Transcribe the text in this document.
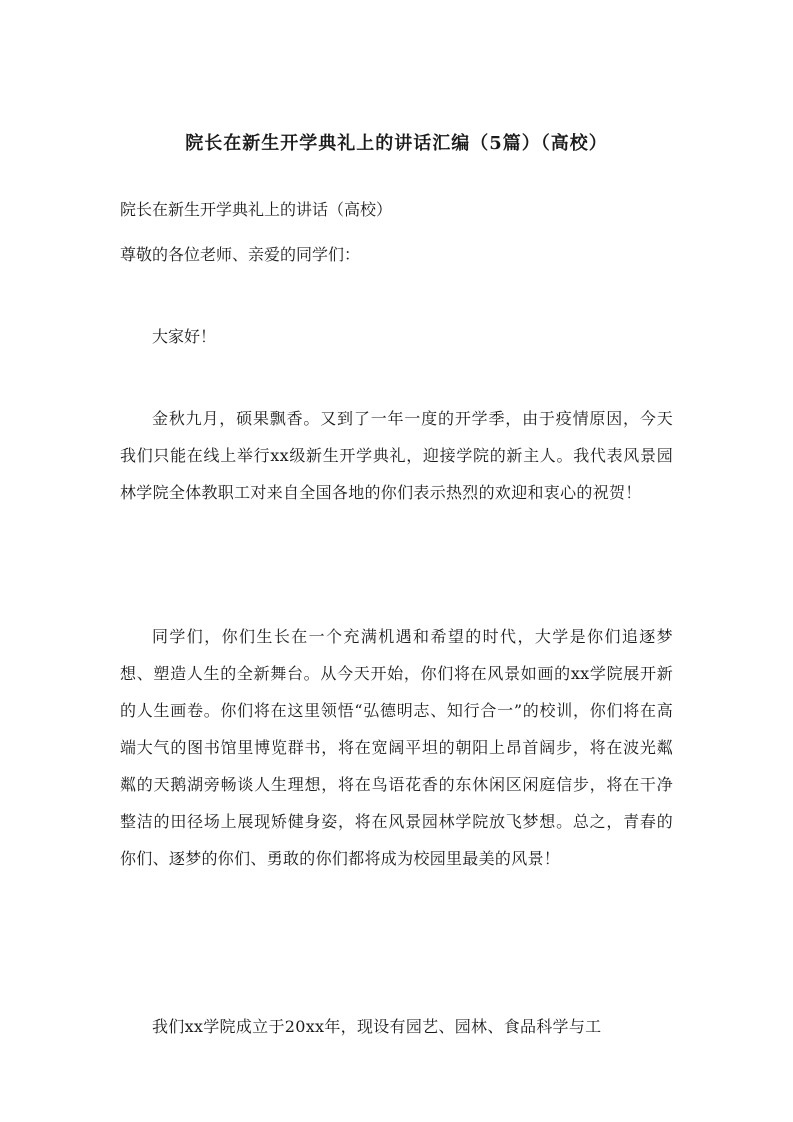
院长在新生开学典礼上的讲话汇编（5篇）（高校）
院长在新生开学典礼上的讲话（高校）
尊敬的各位老师、亲爱的同学们：
大家好！

金秋九月，硕果飘香。又到了一年一度的开学季，由于疫情原因，今天我们只能在线上举行xx级新生开学典礼，迎接学院的新主人。我代表风景园林学院全体教职工对来自全国各地的你们表示热烈的欢迎和衷心的祝贺！

同学们，你们生长在一个充满机遇和希望的时代，大学是你们追逐梦想、塑造人生的全新舞台。从今天开始，你们将在风景如画的xx学院展开新的人生画卷。你们将在这里领悟“弘德明志、知行合一”的校训，你们将在高端大气的图书馆里博览群书，将在宽阔平坦的朝阳上昂首阔步，将在波光粼粼的天鹅湖旁畅谈人生理想，将在鸟语花香的东休闲区闲庭信步，将在干净整洁的田径场上展现矫健身姿，将在风景园林学院放飞梦想。总之，青春的你们、逐梦的你们、勇敢的你们都将成为校园里最美的风景！

我们xx学院成立于20xx年，现设有园艺、园林、食品科学与工
